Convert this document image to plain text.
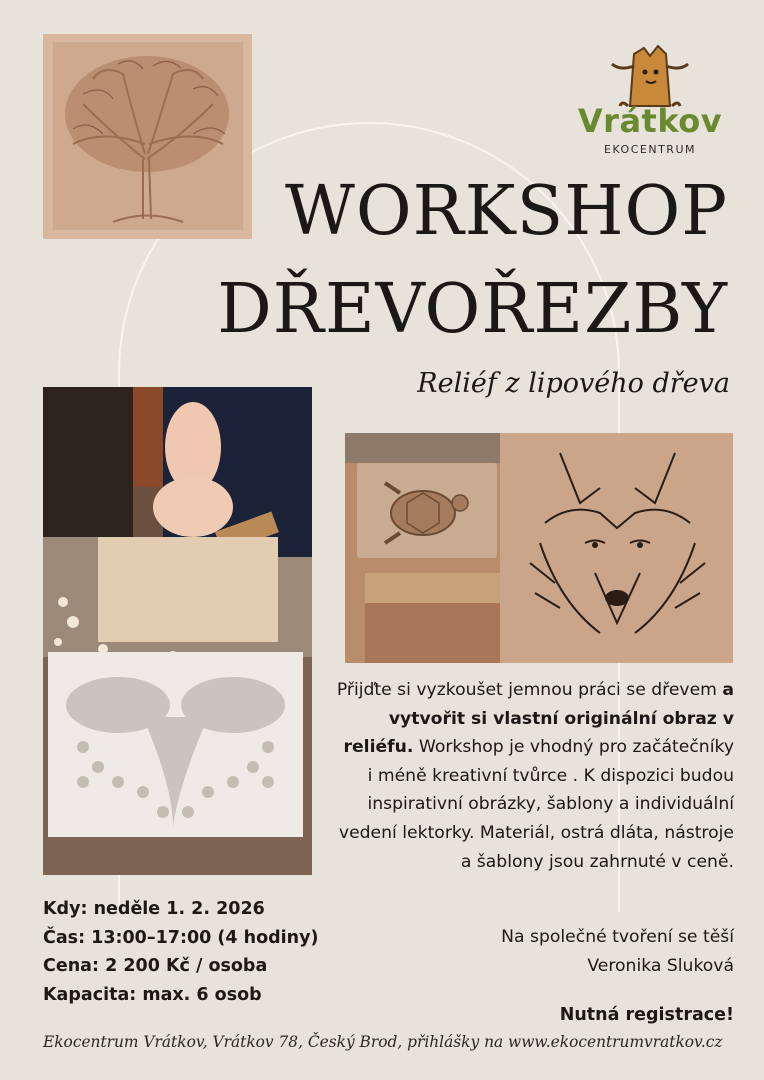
Vrátkov
EKOCENTRUM
WORKSHOP
DŘEVOŘEZBY
Reliéf z lipového dřeva
Přijďte si vyzkoušet jemnou práci se dřevem a vytvořit si vlastní originální obraz v reliéfu. Workshop je vhodný pro začátečníky i méně kreativní tvůrce . K dispozici budou inspirativní obrázky, šablony a individuální vedení lektorky. Materiál, ostrá dláta, nástroje a šablony jsou zahrnuté v ceně.
Kdy: neděle 1. 2. 2026
Čas: 13:00–17:00 (4 hodiny)
Cena: 2 200 Kč / osoba
Kapacita: max. 6 osob
Na společné tvoření se těší
Veronika Sluková
Nutná registrace!
Ekocentrum Vrátkov, Vrátkov 78, Český Brod, přihlášky na www.ekocentrumvratkov.cz
